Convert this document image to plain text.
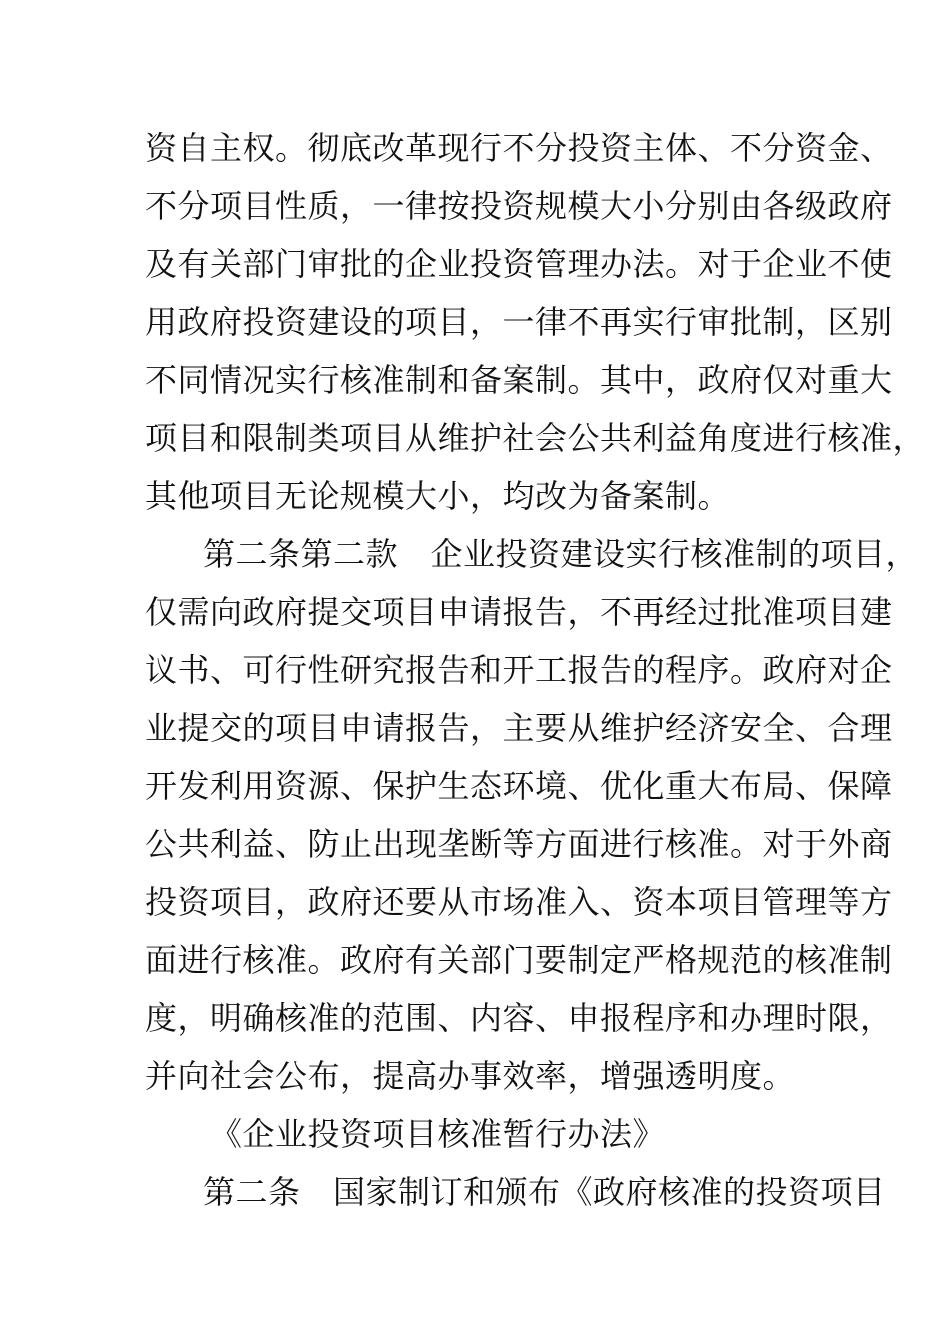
资自主权。彻底改革现行不分投资主体、不分资金、
不分项目性质，一律按投资规模大小分别由各级政府
及有关部门审批的企业投资管理办法。对于企业不使
用政府投资建设的项目，一律不再实行审批制，区别
不同情况实行核准制和备案制。其中，政府仅对重大
项目和限制类项目从维护社会公共利益角度进行核准，
其他项目无论规模大小，均改为备案制。
第二条第二款　企业投资建设实行核准制的项目，
仅需向政府提交项目申请报告，不再经过批准项目建
议书、可行性研究报告和开工报告的程序。政府对企
业提交的项目申请报告，主要从维护经济安全、合理
开发利用资源、保护生态环境、优化重大布局、保障
公共利益、防止出现垄断等方面进行核准。对于外商
投资项目，政府还要从市场准入、资本项目管理等方
面进行核准。政府有关部门要制定严格规范的核准制
度，明确核准的范围、内容、申报程序和办理时限，
并向社会公布，提高办事效率，增强透明度。
《企业投资项目核准暂行办法》
第二条　国家制订和颁布《政府核准的投资项目
